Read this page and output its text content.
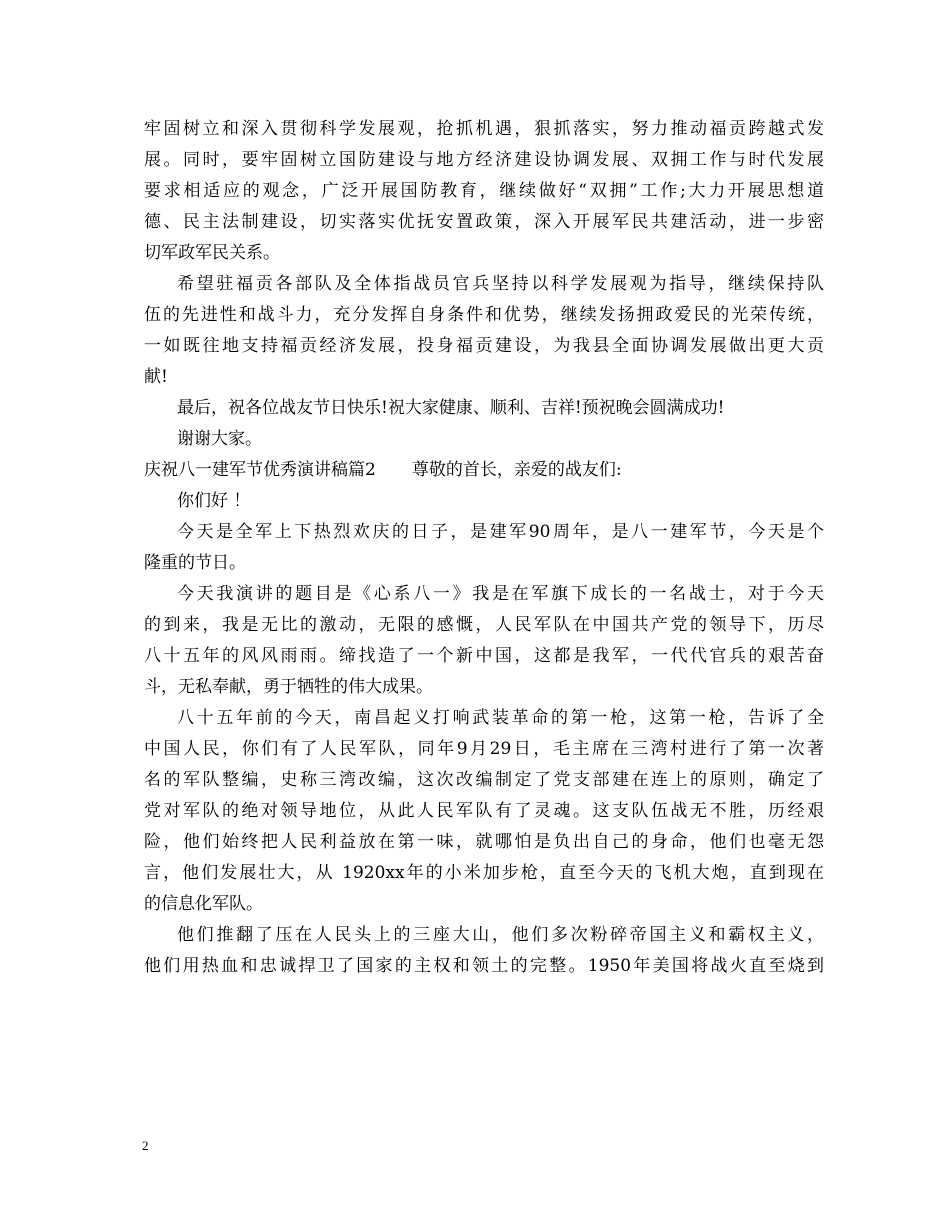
牢固树立和深入贯彻科学发展观，抢抓机遇，狠抓落实，努力推动福贡跨越式发
展。同时，要牢固树立国防建设与地方经济建设协调发展、双拥工作与时代发展
要求相适应的观念，广泛开展国防教育，继续做好“双拥”工作;大力开展思想道
德、民主法制建设，切实落实优抚安置政策，深入开展军民共建活动，进一步密
切军政军民关系。
希望驻福贡各部队及全体指战员官兵坚持以科学发展观为指导，继续保持队
伍的先进性和战斗力，充分发挥自身条件和优势，继续发扬拥政爱民的光荣传统，
一如既往地支持福贡经济发展，投身福贡建设，为我县全面协调发展做出更大贡
献!
最后，祝各位战友节日快乐!祝大家健康、顺利、吉祥!预祝晚会圆满成功!
谢谢大家。
庆祝八一建军节优秀演讲稿篇2 尊敬的首长，亲爱的战友们:
你们好 ！
今天是全军上下热烈欢庆的日子，是建军90周年，是八一建军节，今天是个
隆重的节日。
今天我演讲的题目是《心系八一》我是在军旗下成长的一名战士，对于今天
的到来，我是无比的激动，无限的感慨，人民军队在中国共产党的领导下，历尽
八十五年的风风雨雨。缔找造了一个新中国，这都是我军，一代代官兵的艰苦奋
斗，无私奉献，勇于牺牲的伟大成果。
八十五年前的今天，南昌起义打响武装革命的第一枪，这第一枪，告诉了全
中国人民，你们有了人民军队，同年9月29日，毛主席在三湾村进行了第一次著
名的军队整编，史称三湾改编，这次改编制定了党支部建在连上的原则，确定了
党对军队的绝对领导地位，从此人民军队有了灵魂。这支队伍战无不胜，历经艰
险，他们始终把人民利益放在第一味，就哪怕是负出自己的身命，他们也毫无怨
言，他们发展壮大，从 1920xx年的小米加步枪，直至今天的飞机大炮，直到现在
的信息化军队。
他们推翻了压在人民头上的三座大山，他们多次粉碎帝国主义和霸权主义，
他们用热血和忠诚捍卫了国家的主权和领土的完整。1950年美国将战火直至烧到
2
